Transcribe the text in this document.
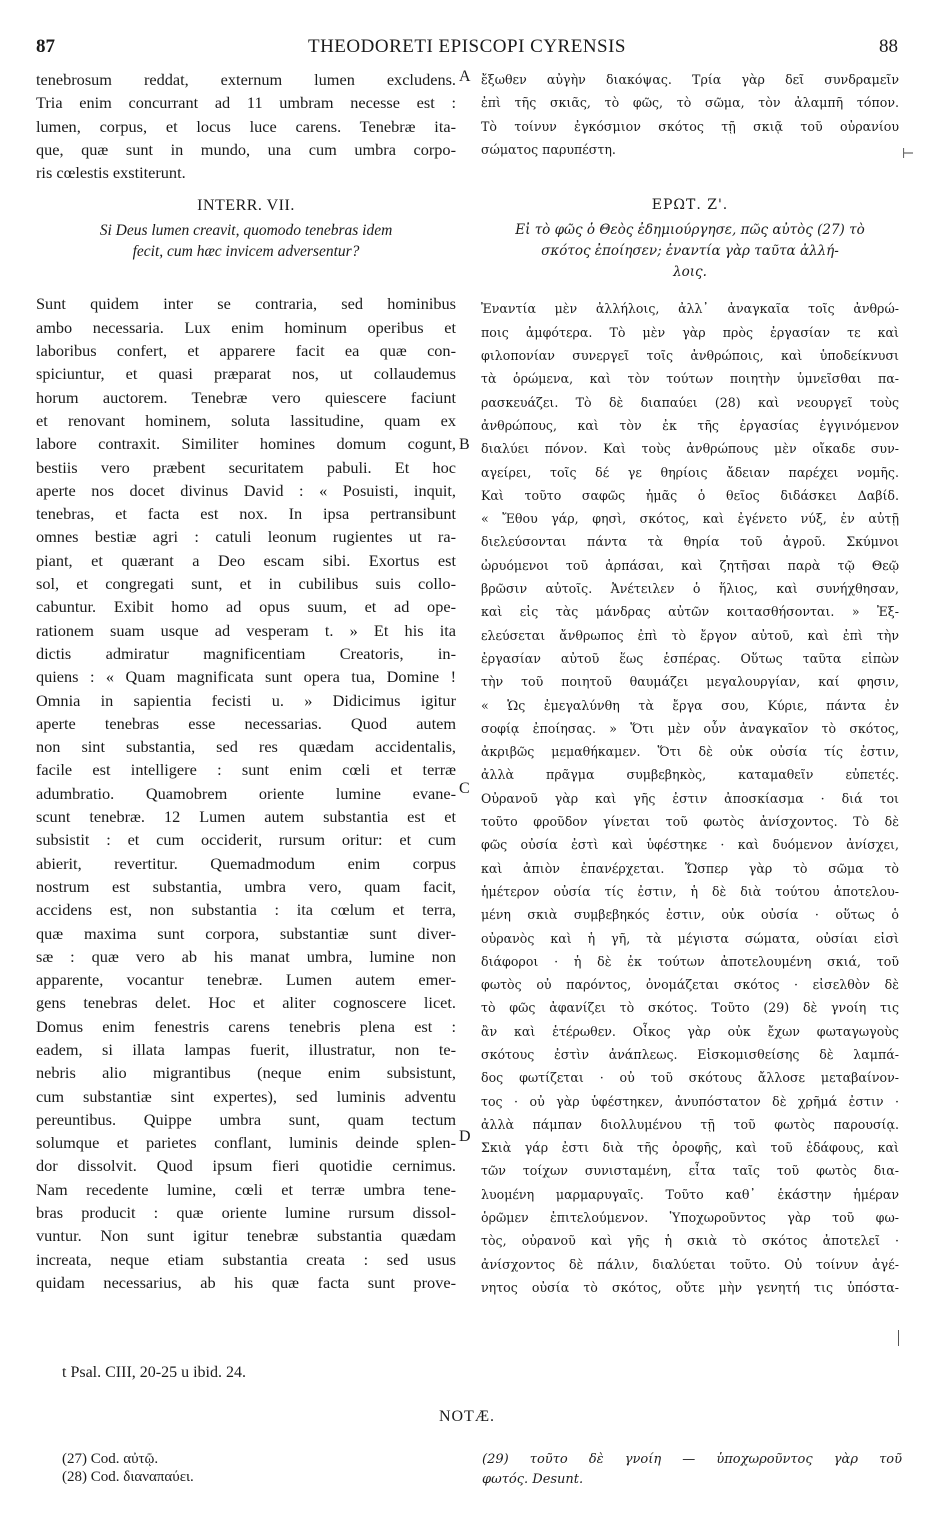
87	THEODORETI EPISCOPI CYRENSIS	88
tenebrosum reddat, externum lumen excludens.
Tria enim concurrant ad 11 umbram necesse est :
lumen, corpus, et locus luce carens. Tenebræ ita-
que, quæ sunt in mundo, una cum umbra corpo-
ris cœlestis exstiterunt.
INTERR. VII.
Si Deus lumen creavit, quomodo tenebras idem
fecit, cum hæc invicem adversentur?
Sunt quidem inter se contraria, sed hominibus
ambo necessaria. Lux enim hominum operibus et
laboribus confert, et apparere facit ea quæ con-
spiciuntur, et quasi præparat nos, ut collaudemus
horum auctorem. Tenebræ vero quiescere faciunt
et renovant hominem, soluta lassitudine, quam ex
labore contraxit. Similiter homines domum cogunt,
bestiis vero præbent securitatem pabuli. Et hoc
aperte nos docet divinus David : « Posuisti, inquit,
tenebras, et facta est nox. In ipsa pertransibunt
omnes bestiæ agri : catuli leonum rugientes ut ra-
piant, et quærant a Deo escam sibi. Exortus est
sol, et congregati sunt, et in cubilibus suis collo-
cabuntur. Exibit homo ad opus suum, et ad ope-
rationem suam usque ad vesperam t. » Et his ita
dictis admiratur magnificentiam Creatoris, in-
quiens : « Quam magnificata sunt opera tua, Domine !
Omnia in sapientia fecisti u. » Didicimus igitur
aperte tenebras esse necessarias. Quod autem
non sint substantia, sed res quædam accidentalis,
facile est intelligere : sunt enim cœli et terræ
adumbratio. Quamobrem oriente lumine evane-
scunt tenebræ. 12 Lumen autem substantia est et
subsistit : et cum occiderit, rursum oritur: et cum
abierit, revertitur. Quemadmodum enim corpus
nostrum est substantia, umbra vero, quam facit,
accidens est, non substantia : ita cœlum et terra,
quæ maxima sunt corpora, substantiæ sunt diver-
sæ : quæ vero ab his manat umbra, lumine non
apparente, vocantur tenebræ. Lumen autem emer-
gens tenebras delet. Hoc et aliter cognoscere licet.
Domus enim fenestris carens tenebris plena est :
eadem, si illata lampas fuerit, illustratur, non te-
nebris alio migrantibus (neque enim subsistunt,
cum substantiæ sint expertes), sed luminis adventu
pereuntibus. Quippe umbra sunt, quam tectum
solumque et parietes conflant, luminis deinde splen-
dor dissolvit. Quod ipsum fieri quotidie cernimus.
Nam recedente lumine, cœli et terræ umbra tene-
bras producit : quæ oriente lumine rursum dissol-
vuntur. Non sunt igitur tenebræ substantia quædam
increata, neque etiam substantia creata : sed usus
quidam necessarius, ab his quæ facta sunt prove-
ἔξωθεν αὐγὴν διακόψας. Τρία γὰρ δεῖ συνδραμεῖν
ἐπὶ τῆς σκιᾶς, τὸ φῶς, τὸ σῶμα, τὸν ἀλαμπῆ τόπον.
Τὸ τοίνυν ἐγκόσμιον σκότος τῇ σκιᾷ τοῦ οὐρανίου
σώματος παρυπέστη.
ΕΡΩΤ. Ζ'.
Εἰ τὸ φῶς ὁ Θεὸς ἐδημιούργησε, πῶς αὐτὸς (27) τὸ
σκότος ἐποίησεν; ἐναντία γὰρ ταῦτα ἀλλή-
λοις.
Ἐναντία μὲν ἀλλήλοις, ἀλλ᾽ ἀναγκαῖα τοῖς ἀνθρώ-
ποις ἀμφότερα. Τὸ μὲν γὰρ πρὸς ἐργασίαν τε καὶ
φιλοπονίαν συνεργεῖ τοῖς ἀνθρώποις, καὶ ὑποδείκνυσι
τὰ ὁρώμενα, καὶ τὸν τούτων ποιητὴν ὑμνεῖσθαι πα-
ρασκευάζει. Τὸ δὲ διαπαύει (28) καὶ νεουργεῖ τοὺς
ἀνθρώπους, καὶ τὸν ἐκ τῆς ἐργασίας ἐγγινόμενον
διαλύει πόνον. Καὶ τοὺς ἀνθρώπους μὲν οἴκαδε συν-
αγείρει, τοῖς δέ γε θηρίοις ἄδειαν παρέχει νομῆς.
Καὶ τοῦτο σαφῶς ἡμᾶς ὁ θεῖος διδάσκει Δαβίδ.
« Ἔθου γάρ, φησὶ, σκότος, καὶ ἐγένετο νύξ, ἐν αὐτῇ
διελεύσονται πάντα τὰ θηρία τοῦ ἀγροῦ. Σκύμνοι
ὠρυόμενοι τοῦ ἁρπάσαι, καὶ ζητῆσαι παρὰ τῷ Θεῷ
βρῶσιν αὐτοῖς. Ἀνέτειλεν ὁ ἥλιος, καὶ συνήχθησαν,
καὶ εἰς τὰς μάνδρας αὐτῶν κοιτασθήσονται. » Ἐξ-
ελεύσεται ἄνθρωπος ἐπὶ τὸ ἔργον αὐτοῦ, καὶ ἐπὶ τὴν
ἐργασίαν αὐτοῦ ἕως ἑσπέρας. Οὕτως ταῦτα εἰπὼν
τὴν τοῦ ποιητοῦ θαυμάζει μεγαλουργίαν, καί φησιν,
« Ὡς ἐμεγαλύνθη τὰ ἔργα σου, Κύριε, πάντα ἐν
σοφίᾳ ἐποίησας. » Ὅτι μὲν οὖν ἀναγκαῖον τὸ σκότος,
ἀκριβῶς μεμαθήκαμεν. Ὅτι δὲ οὐκ οὐσία τίς ἐστιν,
ἀλλὰ πρᾶγμα συμβεβηκὸς, καταμαθεῖν εὐπετές.
Οὐρανοῦ γὰρ καὶ γῆς ἐστιν ἀποσκίασμα · διά τοι
τοῦτο φροῦδον γίνεται τοῦ φωτὸς ἀνίσχοντος. Τὸ δὲ
φῶς οὐσία ἐστὶ καὶ ὑφέστηκε · καὶ δυόμενον ἀνίσχει,
καὶ ἀπιὸν ἐπανέρχεται. Ὥσπερ γὰρ τὸ σῶμα τὸ
ἡμέτερον οὐσία τίς ἐστιν, ἡ δὲ διὰ τούτου ἀποτελου-
μένη σκιὰ συμβεβηκός ἐστιν, οὐκ οὐσία · οὕτως ὁ
οὐρανὸς καὶ ἡ γῆ, τὰ μέγιστα σώματα, οὐσίαι εἰσὶ
διάφοροι · ἡ δὲ ἐκ τούτων ἀποτελουμένη σκιά, τοῦ
φωτὸς οὐ παρόντος, ὀνομάζεται σκότος · εἰσελθὸν δὲ
τὸ φῶς ἀφανίζει τὸ σκότος. Τοῦτο (29) δὲ γνοίη τις
ἂν καὶ ἑτέρωθεν. Οἶκος γὰρ οὐκ ἔχων φωταγωγοὺς
σκότους ἐστὶν ἀνάπλεως. Εἰσκομισθείσης δὲ λαμπά-
δος φωτίζεται · οὐ τοῦ σκότους ἄλλοσε μεταβαίνον-
τος · οὐ γὰρ ὑφέστηκεν, ἀνυπόστατον δὲ χρῆμά ἐστιν ·
ἀλλὰ πάμπαν διολλυμένου τῇ τοῦ φωτὸς παρουσίᾳ.
Σκιὰ γάρ ἐστι διὰ τῆς ὀροφῆς, καὶ τοῦ ἐδάφους, καὶ
τῶν τοίχων συνισταμένη, εἶτα ταῖς τοῦ φωτὸς δια-
λυομένη μαρμαρυγαῖς. Τοῦτο καθ᾽ ἑκάστην ἡμέραν
ὁρῶμεν ἐπιτελούμενον. Ὑποχωροῦντος γὰρ τοῦ φω-
τὸς, οὐρανοῦ καὶ γῆς ἡ σκιὰ τὸ σκότος ἀποτελεῖ ·
ἀνίσχοντος δὲ πάλιν, διαλύεται τοῦτο. Οὐ τοίνυν ἀγέ-
νητος οὐσία τὸ σκότος, οὔτε μὴν γενητή τις ὑπόστα-
A
B
C
D
⊢
t Psal. CIII, 20-25 u ibid. 24.
NOTÆ.
(27) Cod. αὐτῷ.
(28) Cod. διαναπαύει.
(29) τοῦτο δὲ γνοίη — ὑποχωροῦντος γὰρ τοῦ
φωτός. Desunt.
